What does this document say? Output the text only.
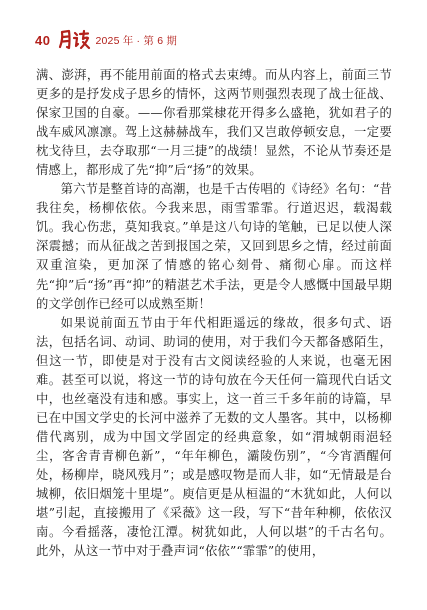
40	2025 年 · 第 6 期

满、澎湃，再不能用前面的格式去束缚。而从内容上，前面三节更多的是抒发戍子思乡的情怀，这两节则强烈表现了战士征战、保家卫国的自豪。——你看那棠棣花开得多么盛艳，犹如君子的战车威风凛凛。驾上这赫赫战车，我们又岂敢停顿安息，一定要枕戈待旦，去夺取那“一月三捷”的战绩！显然，不论从节奏还是情感上，都形成了先“抑”后“扬”的效果。

第六节是整首诗的高潮，也是千古传唱的《诗经》名句：“昔我往矣，杨柳依依。今我来思，雨雪霏霏。行道迟迟，载渴载饥。我心伤悲，莫知我哀。”单是这八句诗的笔触，已足以使人深深震撼；而从征战之苦到报国之荣，又回到思乡之情，经过前面双重渲染，更加深了情感的铭心刻骨、痛彻心扉。而这样先“抑”后“扬”再“抑”的精湛艺术手法，更是令人感慨中国最早期的文学创作已经可以成熟至斯！

如果说前面五节由于年代相距遥远的缘故，很多句式、语法，包括名词、动词、助词的使用，对于我们今天都备感陌生，但这一节，即使是对于没有古文阅读经验的人来说，也毫无困难。甚至可以说，将这一节的诗句放在今天任何一篇现代白话文中，也丝毫没有违和感。事实上，这一首三千多年前的诗篇，早已在中国文学史的长河中滋养了无数的文人墨客。其中，以杨柳借代离别，成为中国文学固定的经典意象，如“渭城朝雨浥轻尘，客舍青青柳色新”，“年年柳色，灞陵伤别”，“今宵酒醒何处，杨柳岸，晓风残月”；或是感叹物是而人非，如“无情最是台城柳，依旧烟笼十里堤”。庾信更是从桓温的“木犹如此，人何以堪”引起，直接搬用了《采薇》这一段，写下“昔年种柳，依依汉南。今看摇落，凄怆江潭。树犹如此，人何以堪”的千古名句。此外，从这一节中对于叠声词“依依”“霏霏”的使用，
